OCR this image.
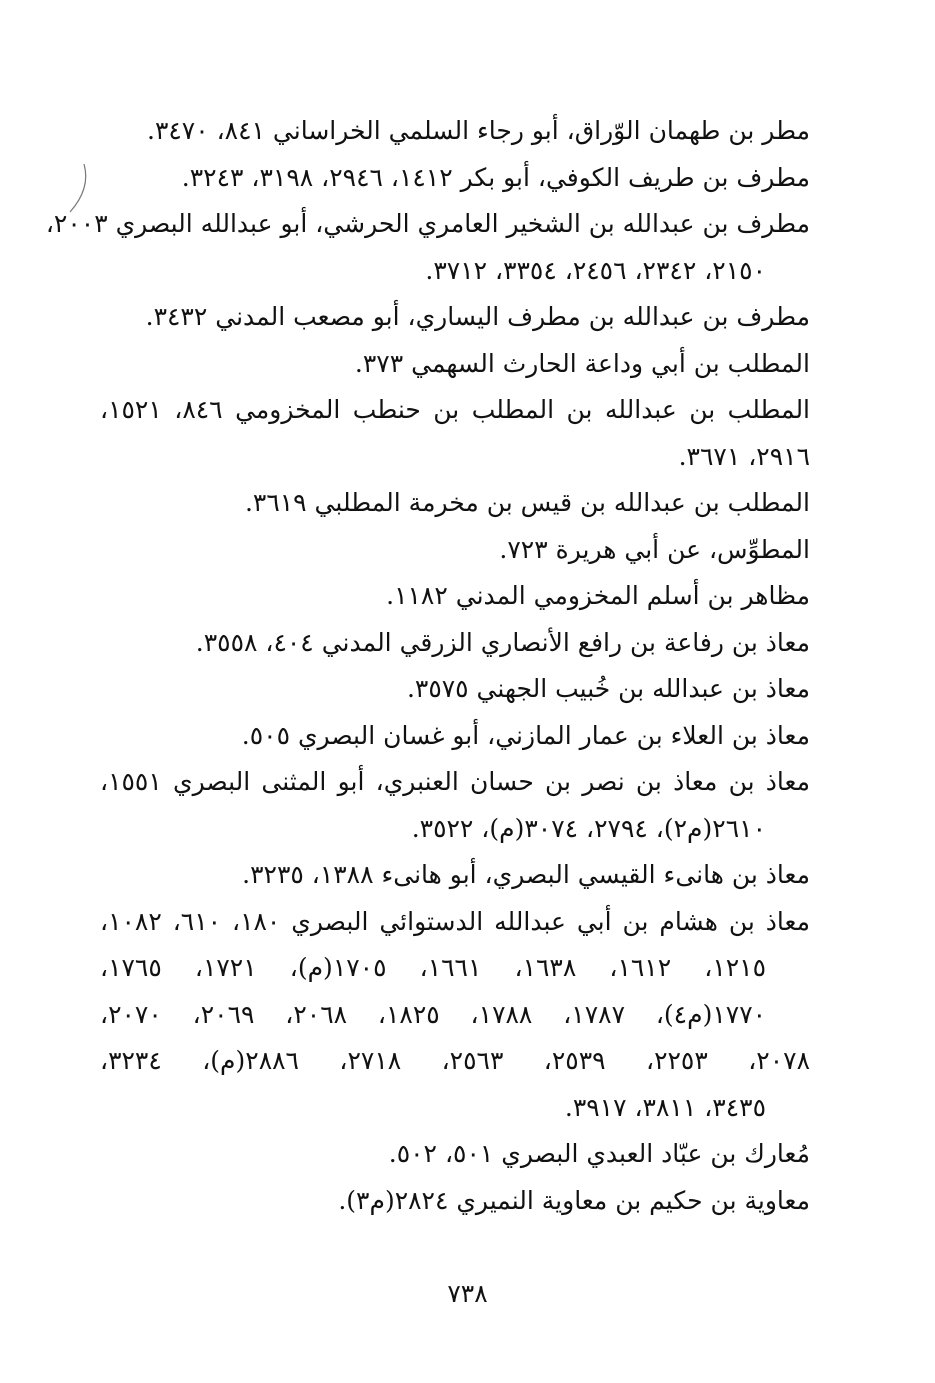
مطر بن طهمان الوّراق، أبو رجاء السلمي الخراساني ٨٤١، ٣٤٧٠.
مطرف بن طريف الكوفي، أبو بكر ١٤١٢، ٢٩٤٦، ٣١٩٨، ٣٢٤٣.
مطرف بن عبدالله بن الشخير العامري الحرشي، أبو عبدالله البصري ٢٠٠٣،
٢١٥٠، ٢٣٤٢، ٢٤٥٦، ٣٣٥٤، ٣٧١٢.
مطرف بن عبدالله بن مطرف اليساري، أبو مصعب المدني ٣٤٣٢.
المطلب بن أبي وداعة الحارث السهمي ٣٧٣.
المطلب بن عبدالله بن المطلب بن حنطب المخزومي ٨٤٦، ١٥٢١،
٢٩١٦، ٣٦٧١.
المطلب بن عبدالله بن قيس بن مخرمة المطلبي ٣٦١٩.
المطوِّس، عن أبي هريرة ٧٢٣.
مظاهر بن أسلم المخزومي المدني ١١٨٢.
معاذ بن رفاعة بن رافع الأنصاري الزرقي المدني ٤٠٤، ٣٥٥٨.
معاذ بن عبدالله بن خُبيب الجهني ٣٥٧٥.
معاذ بن العلاء بن عمار المازني، أبو غسان البصري ٥٠٥.
معاذ بن معاذ بن نصر بن حسان العنبري، أبو المثنى البصري ١٥٥١،
٢٦١٠(م٢)، ٢٧٩٤، ٣٠٧٤(م)، ٣٥٢٢.
معاذ بن هانىء القيسي البصري، أبو هانىء ١٣٨٨، ٣٢٣٥.
معاذ بن هشام بن أبي عبدالله الدستوائي البصري ١٨٠، ٦١٠، ١٠٨٢،
١٢١٥، ١٦١٢، ١٦٣٨، ١٦٦١، ١٧٠٥(م)، ١٧٢١، ١٧٦٥،
١٧٧٠(م٤)، ١٧٨٧، ١٧٨٨، ١٨٢٥، ٢٠٦٨، ٢٠٦٩، ٢٠٧٠،
٢٠٧٨، ٢٢٥٣، ٢٥٣٩، ٢٥٦٣، ٢٧١٨، ٢٨٨٦(م)، ٣٢٣٤،
٣٤٣٥، ٣٨١١، ٣٩١٧.
مُعارك بن عبّاد العبدي البصري ٥٠١، ٥٠٢.
معاوية بن حكيم بن معاوية النميري ٢٨٢٤(م٣).
٧٣٨
